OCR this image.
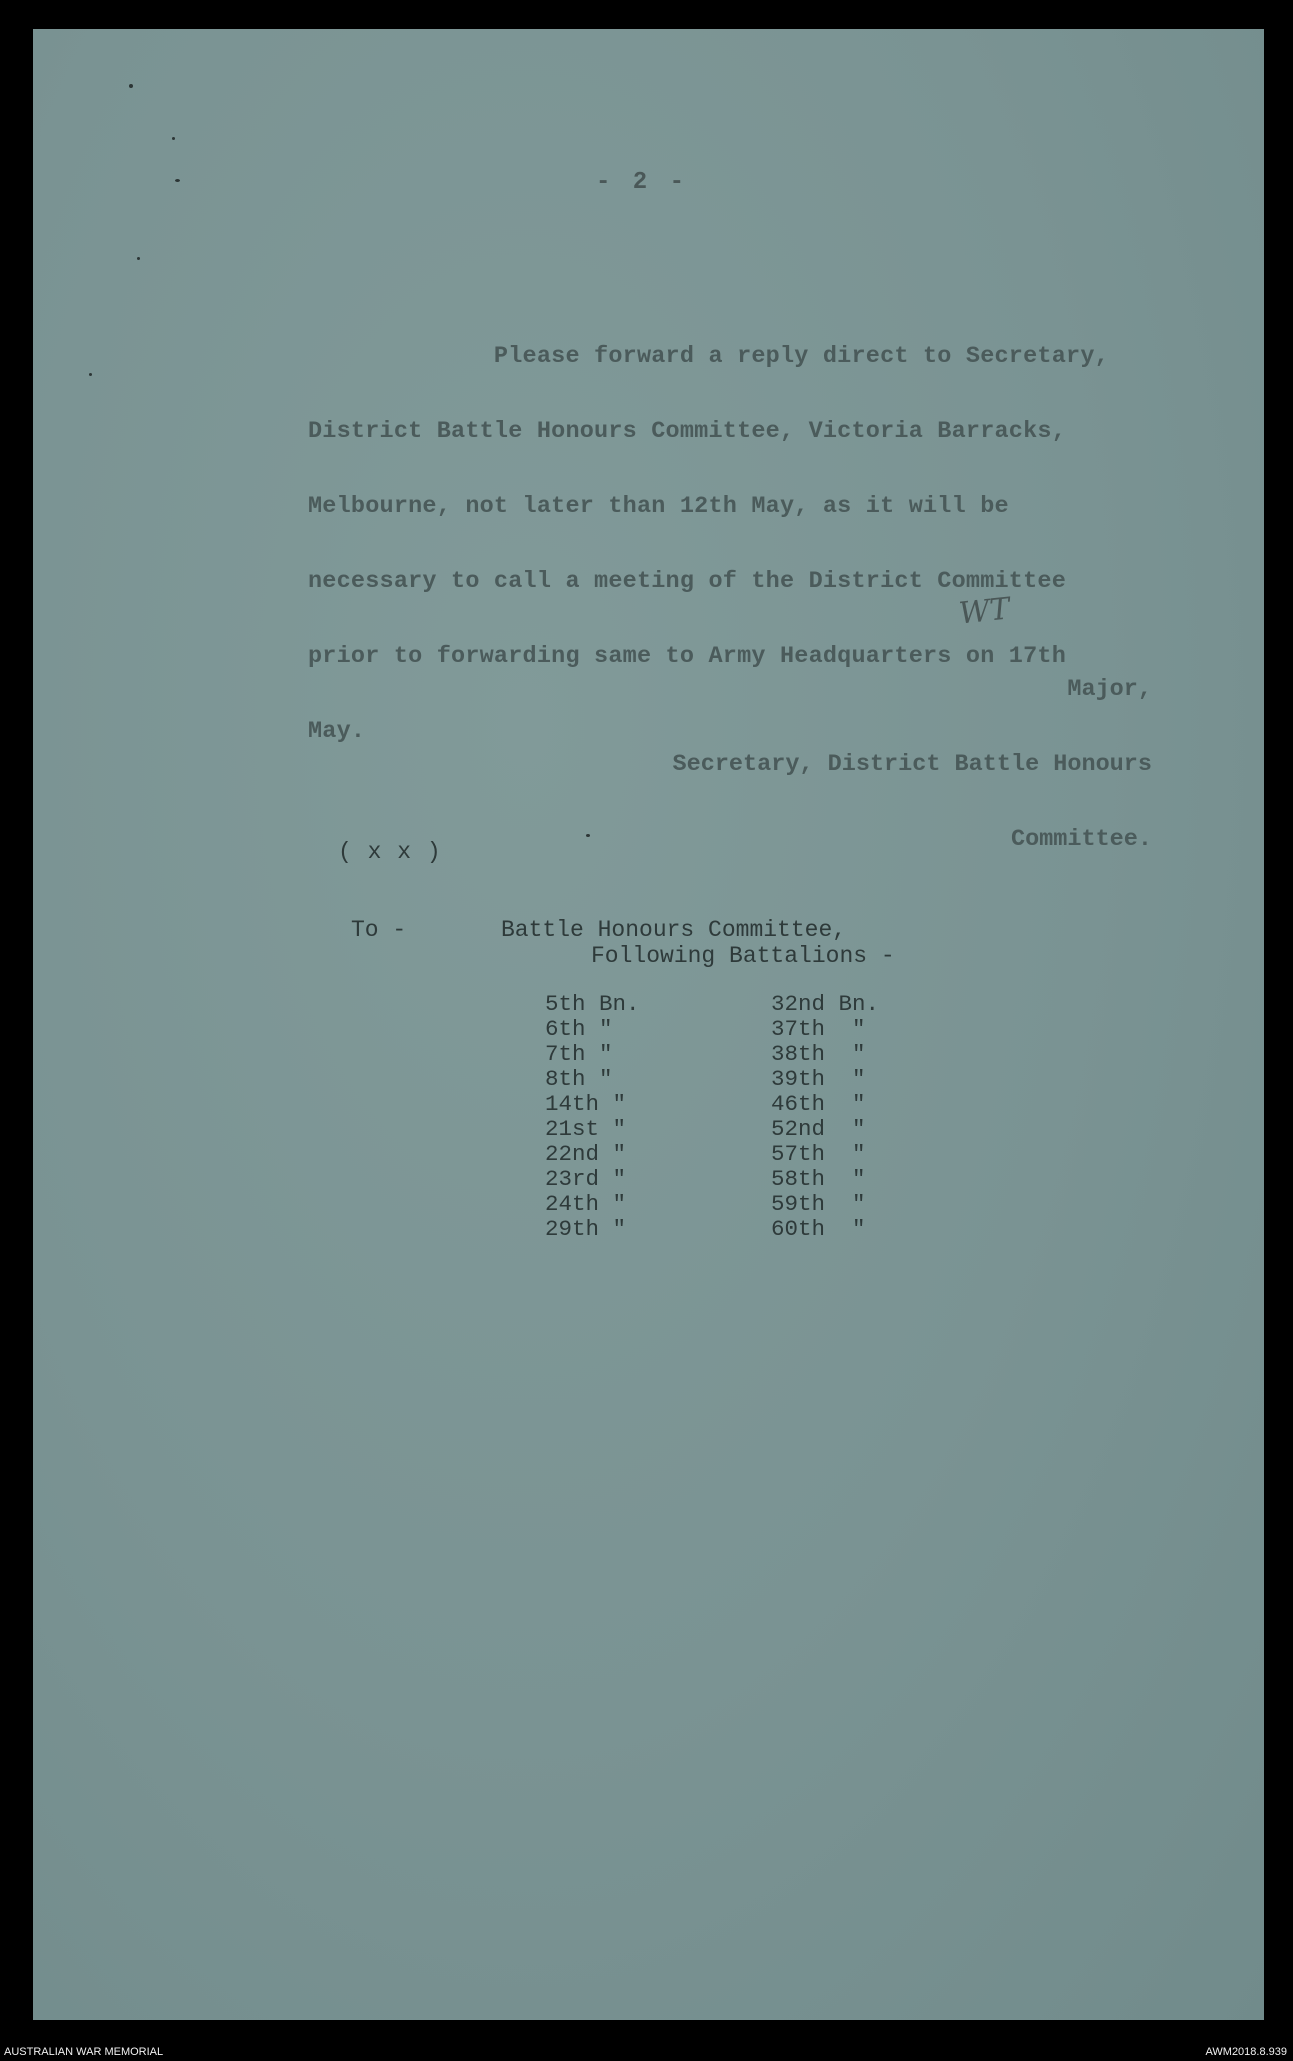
- 2 -

Please forward a reply direct to Secretary,

District Battle Honours Committee, Victoria Barracks,

Melbourne, not later than 12th May, as it will be

necessary to call a meeting of the District Committee

prior to forwarding same to Army Headquarters on 17th

May.

WT

Major,

Secretary, District Battle Honours

Committee.

( x x )
To -	Battle Honours Committee,
Following Battalions -
5th Bn.
6th "
7th "
8th "
14th "
21st "
22nd "
23rd "
24th "
29th "
32nd Bn.
37th  "
38th  "
39th  "
46th  "
52nd  "
57th  "
58th  "
59th  "
60th  "
AUSTRALIAN WAR MEMORIAL	AWM2018.8.939
